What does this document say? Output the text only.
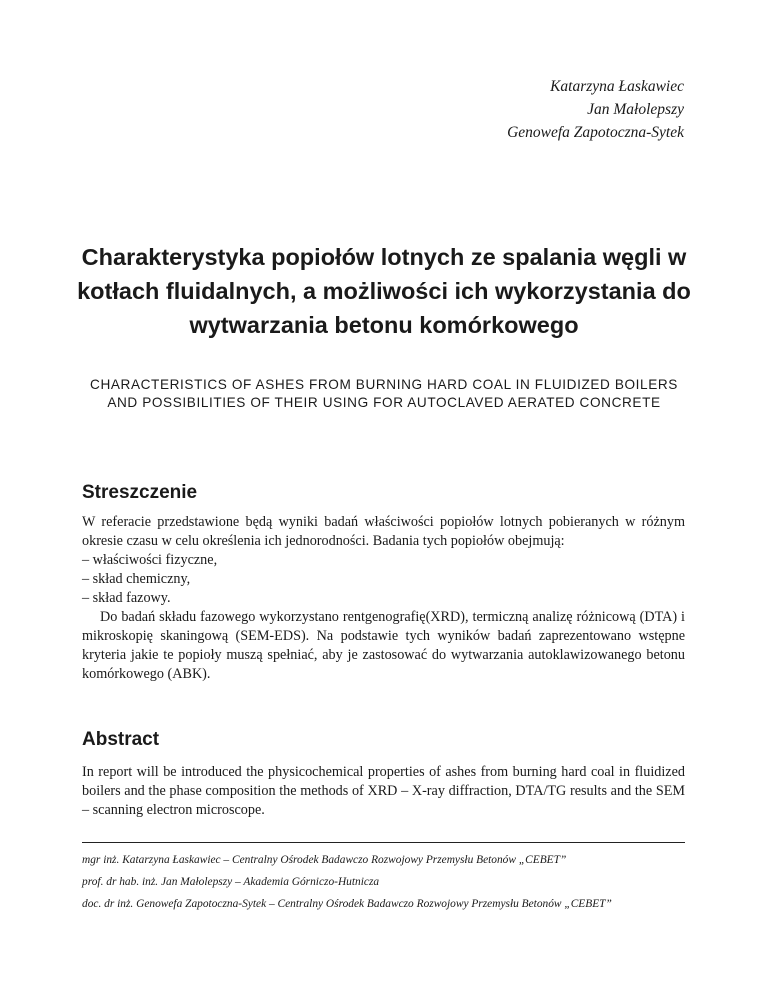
Katarzyna Łaskawiec
Jan Małolepszy
Genowefa Zapotoczna-Sytek
Charakterystyka popiołów lotnych ze spalania węgli w kotłach fluidalnych, a możliwości ich wykorzystania do wytwarzania betonu komórkowego

CHARACTERISTICS OF ASHES FROM BURNING HARD COAL IN FLUIDIZED BOILERS AND POSSIBILITIES OF THEIR USING FOR AUTOCLAVED AERATED CONCRETE

Streszczenie

W referacie przedstawione będą wyniki badań właściwości popiołów lotnych pobieranych w różnym okresie czasu w celu określenia ich jednorodności. Badania tych popiołów obejmują:

– właściwości fizyczne,
– skład chemiczny,
– skład fazowy.

Do badań składu fazowego wykorzystano rentgenografię(XRD), termiczną analizę różnicową (DTA) i mikroskopię skaningową (SEM-EDS). Na podstawie tych wyników badań zaprezentowano wstępne kryteria jakie te popioły muszą spełniać, aby je zastosować do wytwarzania autoklawizowanego betonu komórkowego (ABK).

Abstract

In report will be introduced the physicochemical properties of ashes from burning hard coal in fluidized boilers and the phase composition the methods of XRD – X-ray diffraction, DTA/TG results and the SEM – scanning electron microscope.

mgr inż. Katarzyna Łaskawiec – Centralny Ośrodek Badawczo Rozwojowy Przemysłu Betonów „CEBET”

prof. dr hab. inż. Jan Małolepszy – Akademia Górniczo-Hutnicza

doc. dr inż. Genowefa Zapotoczna-Sytek – Centralny Ośrodek Badawczo Rozwojowy Przemysłu Betonów „CEBET”
